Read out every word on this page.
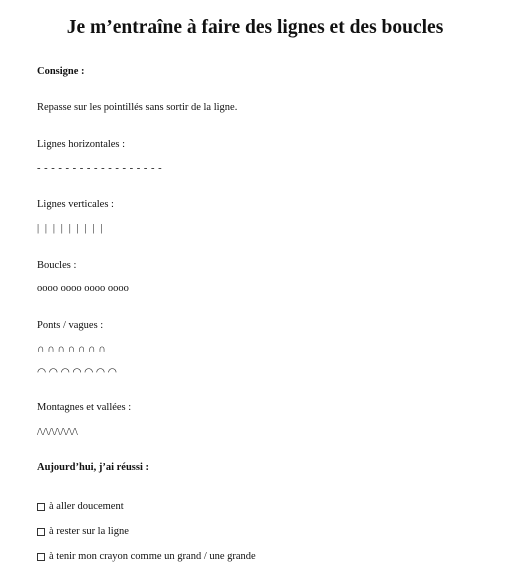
Je m’entraîne à faire des lignes et des boucles
Consigne :
Repasse sur les pointillés sans sortir de la ligne.
Lignes horizontales :
- - - - - - - - - - - - - - - - - -
Lignes verticales :
| | | | | | | | |
Boucles :
oooo oooo oooo oooo
Ponts / vagues :
∩ ∩ ∩ ∩ ∩ ∩ ∩
◠ ◠ ◠ ◠ ◠ ◠ ◠
Montagnes et vallées :
/\/\/\/\/\/\/\
Aujourd’hui, j’ai réussi :
à aller doucement
à rester sur la ligne
à tenir mon crayon comme un grand / une grande
